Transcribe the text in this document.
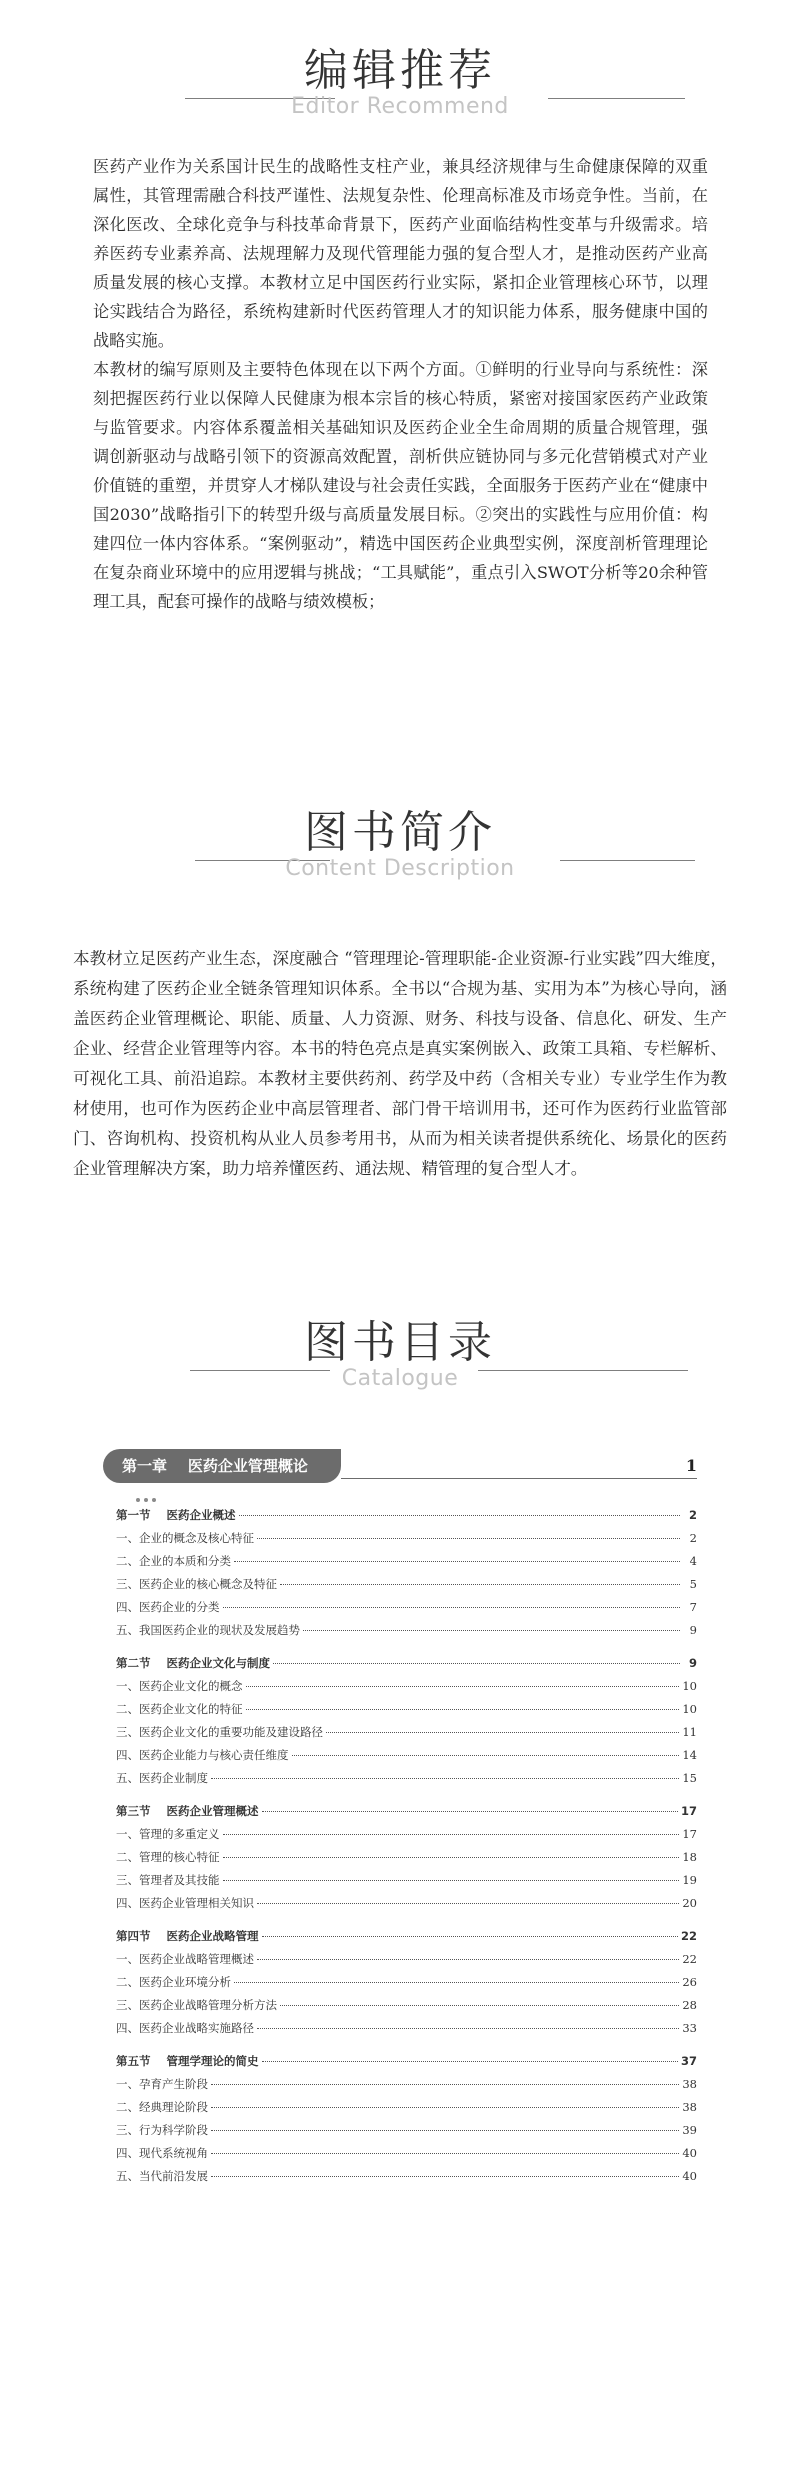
编辑推荐
Editor Recommend

医药产业作为关系国计民生的战略性支柱产业，兼具经济规律与生命健康保障的双重属性，其管理需融合科技严谨性、法规复杂性、伦理高标准及市场竞争性。当前，在深化医改、全球化竞争与科技革命背景下，医药产业面临结构性变革与升级需求。培养医药专业素养高、法规理解力及现代管理能力强的复合型人才，是推动医药产业高质量发展的核心支撑。本教材立足中国医药行业实际，紧扣企业管理核心环节，以理论实践结合为路径，系统构建新时代医药管理人才的知识能力体系，服务健康中国的战略实施。

本教材的编写原则及主要特色体现在以下两个方面。①鲜明的行业导向与系统性：深刻把握医药行业以保障人民健康为根本宗旨的核心特质，紧密对接国家医药产业政策与监管要求。内容体系覆盖相关基础知识及医药企业全生命周期的质量合规管理，强调创新驱动与战略引领下的资源高效配置，剖析供应链协同与多元化营销模式对产业价值链的重塑，并贯穿人才梯队建设与社会责任实践，全面服务于医药产业在“健康中国2030”战略指引下的转型升级与高质量发展目标。②突出的实践性与应用价值：构建四位一体内容体系。“案例驱动”，精选中国医药企业典型实例，深度剖析管理理论在复杂商业环境中的应用逻辑与挑战；“工具赋能”，重点引入SWOT分析等20余种管理工具，配套可操作的战略与绩效模板；

图书简介
Content Description

本教材立足医药产业生态，深度融合 “管理理论-管理职能-企业资源-行业实践”四大维度，系统构建了医药企业全链条管理知识体系。全书以“合规为基、实用为本”为核心导向，涵盖医药企业管理概论、职能、质量、人力资源、财务、科技与设备、信息化、研发、生产企业、经营企业管理等内容。本书的特色亮点是真实案例嵌入、政策工具箱、专栏解析、可视化工具、前沿追踪。本教材主要供药剂、药学及中药（含相关专业）专业学生作为教材使用，也可作为医药企业中高层管理者、部门骨干培训用书，还可作为医药行业监管部门、咨询机构、投资机构从业人员参考用书，从而为相关读者提供系统化、场景化的医药企业管理解决方案，助力培养懂医药、通法规、精管理的复合型人才。

图书目录
Catalogue
第一章    医药企业管理概论	1
第一节    医药企业概述	2
一、企业的概念及核心特征	2
二、企业的本质和分类	4
三、医药企业的核心概念及特征	5
四、医药企业的分类	7
五、我国医药企业的现状及发展趋势	9
第二节    医药企业文化与制度	9
一、医药企业文化的概念	10
二、医药企业文化的特征	10
三、医药企业文化的重要功能及建设路径	11
四、医药企业能力与核心责任维度	14
五、医药企业制度	15
第三节    医药企业管理概述	17
一、管理的多重定义	17
二、管理的核心特征	18
三、管理者及其技能	19
四、医药企业管理相关知识	20
第四节    医药企业战略管理	22
一、医药企业战略管理概述	22
二、医药企业环境分析	26
三、医药企业战略管理分析方法	28
四、医药企业战略实施路径	33
第五节    管理学理论的简史	37
一、孕育产生阶段	38
二、经典理论阶段	38
三、行为科学阶段	39
四、现代系统视角	40
五、当代前沿发展	40
